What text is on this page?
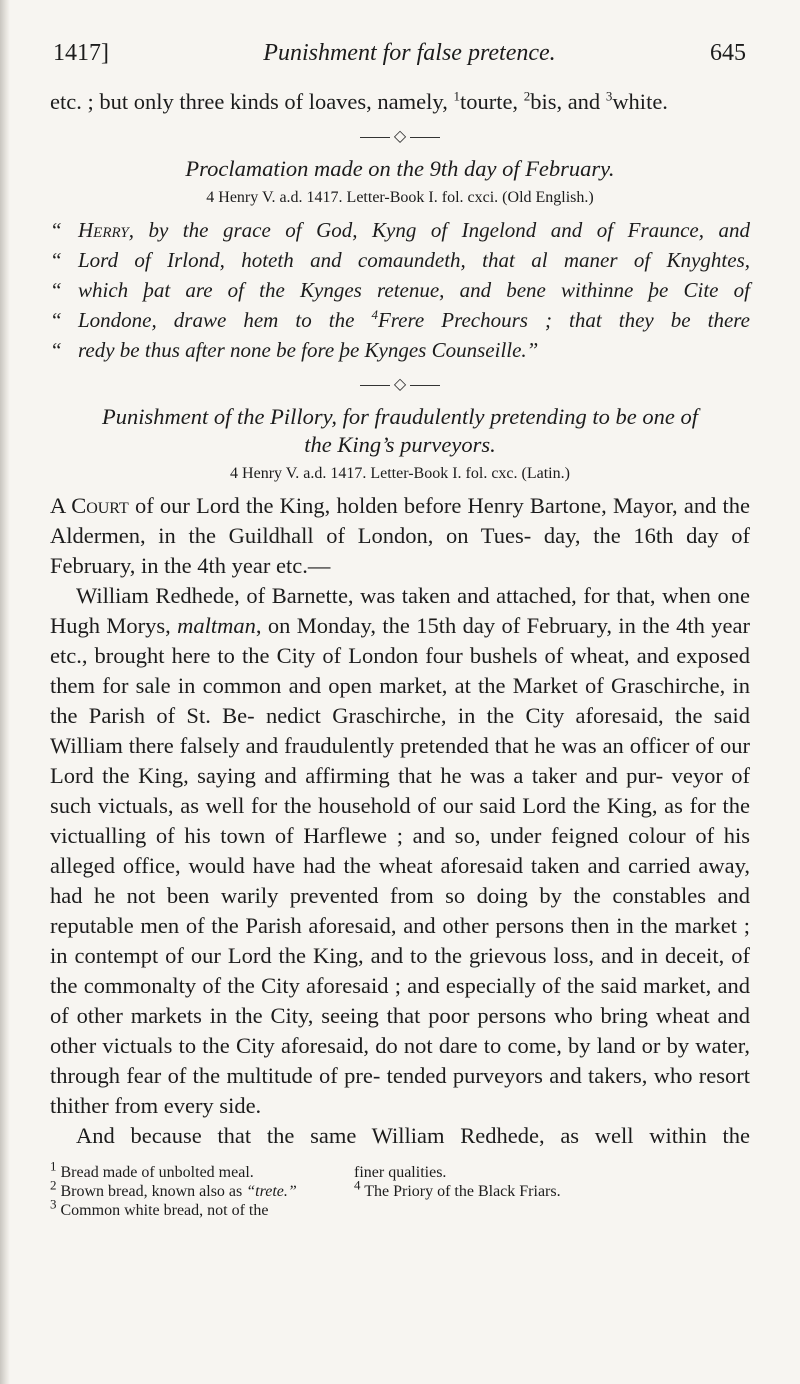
1417]	Punishment for false pretence.	645

etc. ; but only three kinds of loaves, namely, $^1$tourte, $^2$bis, and $^3$white.

◇

Proclamation made on the 9th day of February.

4 Henry V. a.d. 1417. Letter-Book I. fol. cxci. (Old English.)

“ Herry, by the grace of God, Kyng of Ingelond and of Fraunce, and
“ Lord of Irlond, hoteth and comaundeth, that al maner of Knyghtes,
“ which þat are of the Kynges retenue, and bene withinne þe Cite of
“ Londone, drawe hem to the $^4$Frere Prechours ; that they be there
“ redy be thus after none be fore þe Kynges Counseille.”
◇

Punishment of the Pillory, for fraudulently pretending to be one of

the King’s purveyors.

4 Henry V. a.d. 1417. Letter-Book I. fol. cxc. (Latin.)

A Court of our Lord the King, holden before Henry Bartone, Mayor, and the Aldermen, in the Guildhall of London, on Tues- day, the 16th day of February, in the 4th year etc.—

William Redhede, of Barnette, was taken and attached, for that, when one Hugh Morys, maltman, on Monday, the 15th day of February, in the 4th year etc., brought here to the City of London four bushels of wheat, and exposed them for sale in common and open market, at the Market of Graschirche, in the Parish of St. Be- nedict Graschirche, in the City aforesaid, the said William there falsely and fraudulently pretended that he was an officer of our Lord the King, saying and affirming that he was a taker and pur- veyor of such victuals, as well for the household of our said Lord the King, as for the victualling of his town of Harflewe ; and so, under feigned colour of his alleged office, would have had the wheat aforesaid taken and carried away, had he not been warily prevented from so doing by the constables and reputable men of the Parish aforesaid, and other persons then in the market ; in contempt of our Lord the King, and to the grievous loss, and in deceit, of the commonalty of the City aforesaid ; and especially of the said market, and of other markets in the City, seeing that poor persons who bring wheat and other victuals to the City aforesaid, do not dare to come, by land or by water, through fear of the multitude of pre- tended purveyors and takers, who resort thither from every side.

And because that the same William Redhede, as well within the

$^1$ Bread made of unbolted meal.
$^2$ Brown bread, known also as “trete.”
$^3$ Common white bread, not of the
finer qualities.
$^4$ The Priory of the Black Friars.
